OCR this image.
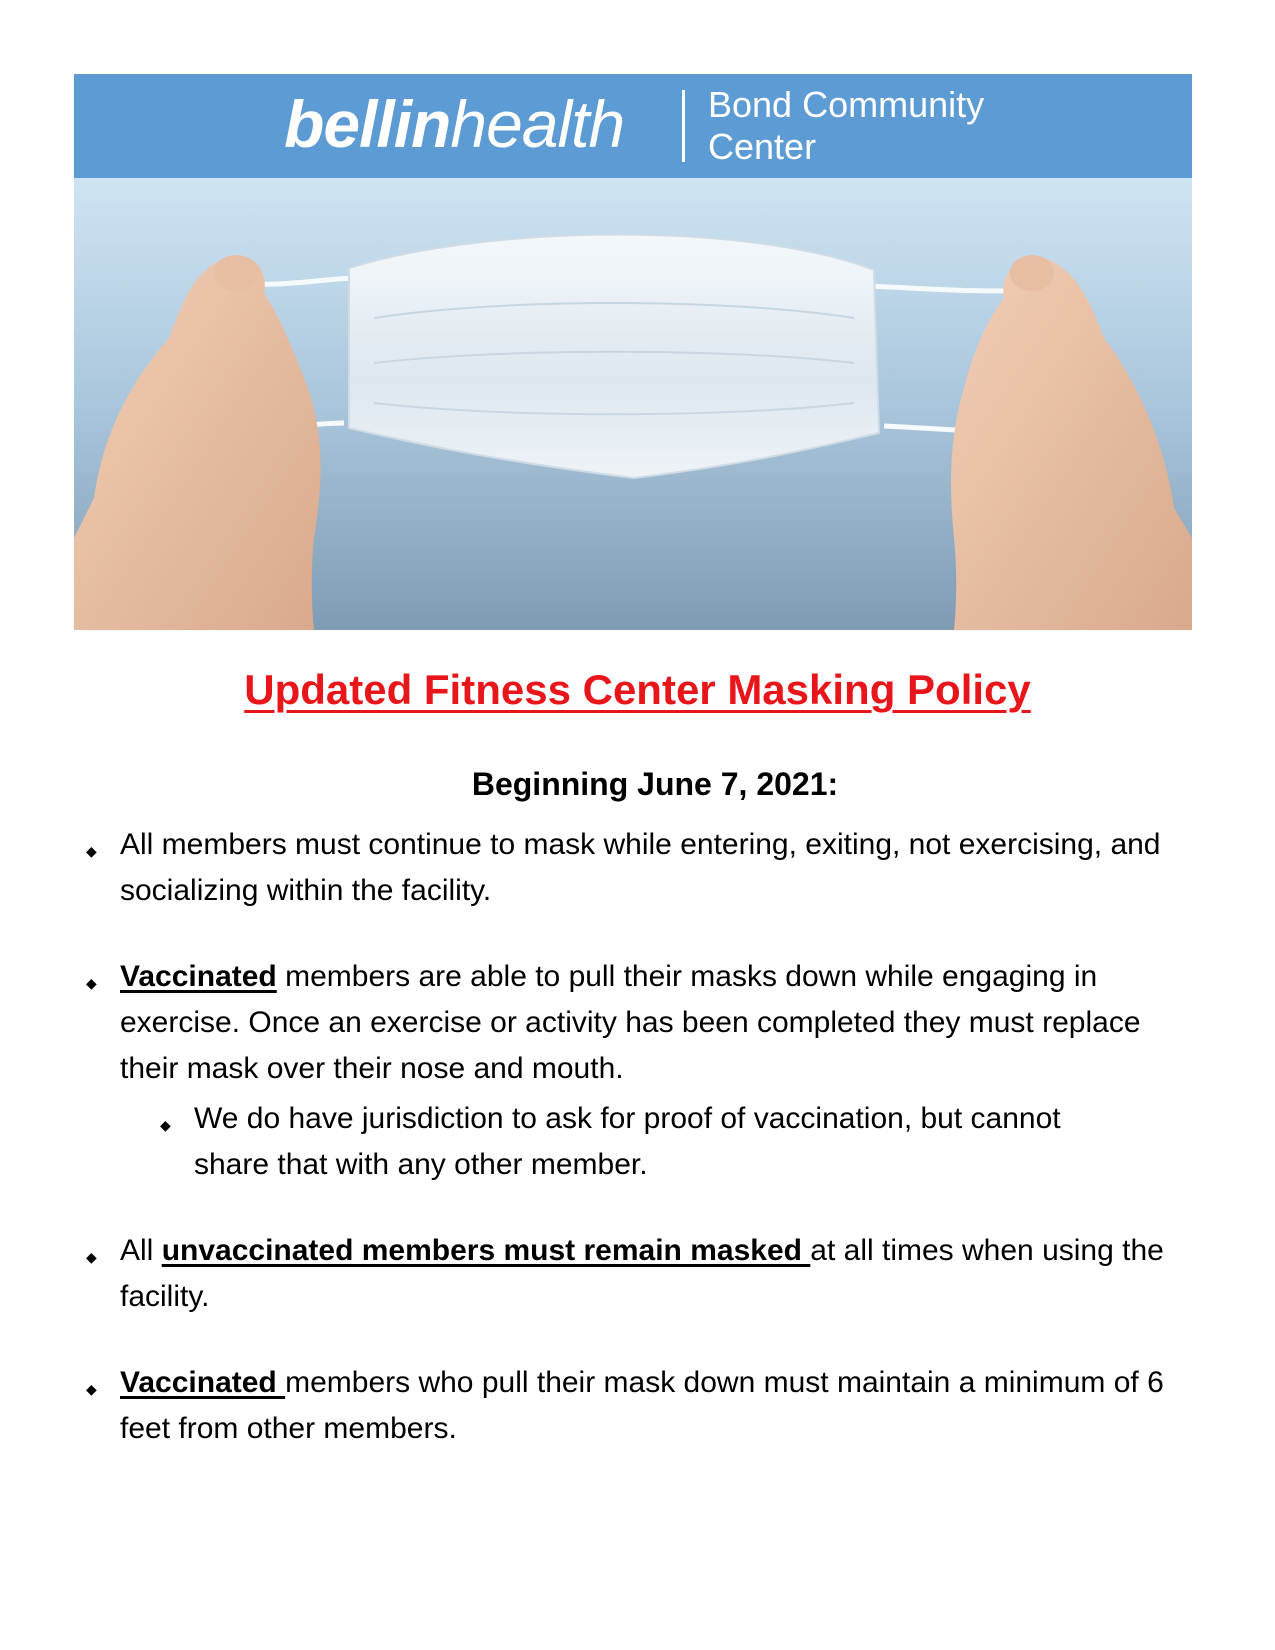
bellinhealth Bond Community
Center
Updated Fitness Center Masking Policy
Beginning June 7, 2021:
◆ All members must continue to mask while entering, exiting, not exercising, and socializing within the facility.
◆ Vaccinated members are able to pull their masks down while engaging in exercise. Once an exercise or activity has been completed they must replace their mask over their nose and mouth.
◆ We do have jurisdiction to ask for proof of vaccination, but cannot share that with any other member.
◆ All unvaccinated members must remain masked at all times when using the facility.
◆ Vaccinated members who pull their mask down must maintain a minimum of 6 feet from other members.
